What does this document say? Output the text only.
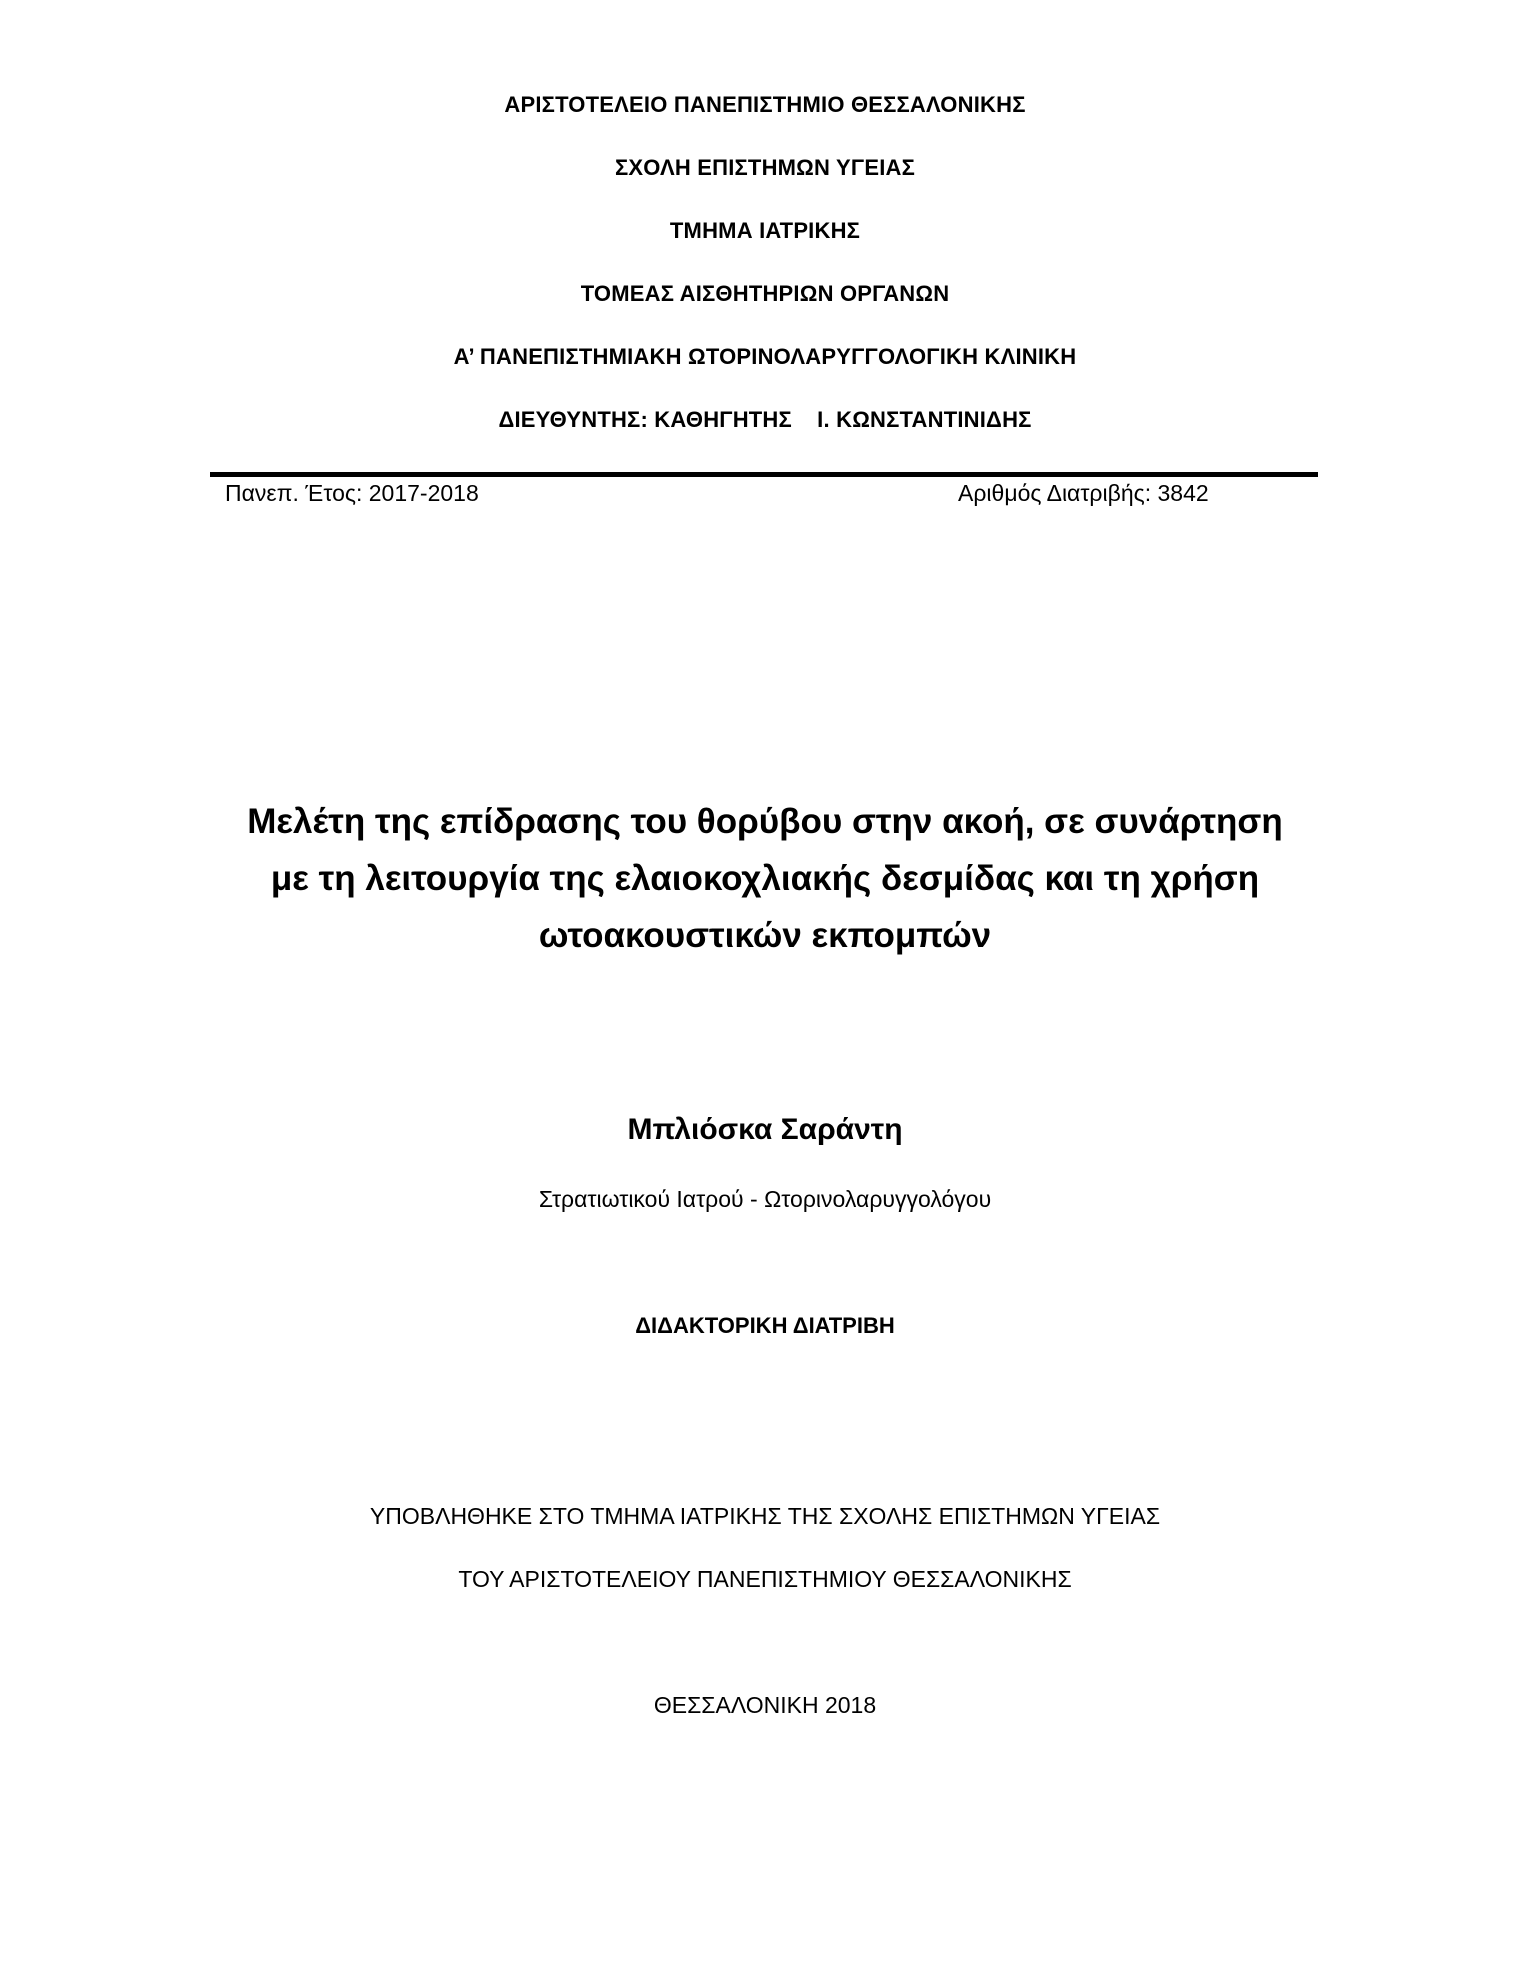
ΑΡΙΣΤΟΤΕΛΕΙΟ ΠΑΝΕΠΙΣΤΗΜΙΟ ΘΕΣΣΑΛΟΝΙΚΗΣ
ΣΧΟΛΗ ΕΠΙΣΤΗΜΩΝ ΥΓΕΙΑΣ
ΤΜΗΜΑ ΙΑΤΡΙΚΗΣ
ΤΟΜΕΑΣ ΑΙΣΘΗΤΗΡΙΩΝ ΟΡΓΑΝΩΝ
Α’ ΠΑΝΕΠΙΣΤΗΜΙΑΚΗ ΩΤΟΡΙΝΟΛΑΡΥΓΓΟΛΟΓΙΚΗ ΚΛΙΝΙΚΗ
ΔΙΕΥΘΥΝΤΗΣ: ΚΑΘΗΓΗΤΗΣ    Ι. ΚΩΝΣΤΑΝΤΙΝΙΔΗΣ
Πανεπ. Έτος: 2017-2018	Αριθμός Διατριβής: 3842
Μελέτη της επίδρασης του θορύβου στην ακοή, σε συνάρτηση
με τη λειτουργία της ελαιοκοχλιακής δεσμίδας και τη χρήση
ωτοακουστικών εκπομπών
Μπλιόσκα Σαράντη
Στρατιωτικού Ιατρού - Ωτορινολαρυγγολόγου
ΔΙΔΑΚΤΟΡΙΚΗ ΔΙΑΤΡΙΒΗ
ΥΠΟΒΛΗΘΗΚΕ ΣΤΟ ΤΜΗΜΑ ΙΑΤΡΙΚΗΣ ΤΗΣ ΣΧΟΛΗΣ ΕΠΙΣΤΗΜΩΝ ΥΓΕΙΑΣ
ΤΟΥ ΑΡΙΣΤΟΤΕΛΕΙΟΥ ΠΑΝΕΠΙΣΤΗΜΙΟΥ ΘΕΣΣΑΛΟΝΙΚΗΣ
ΘΕΣΣΑΛΟΝΙΚΗ 2018
